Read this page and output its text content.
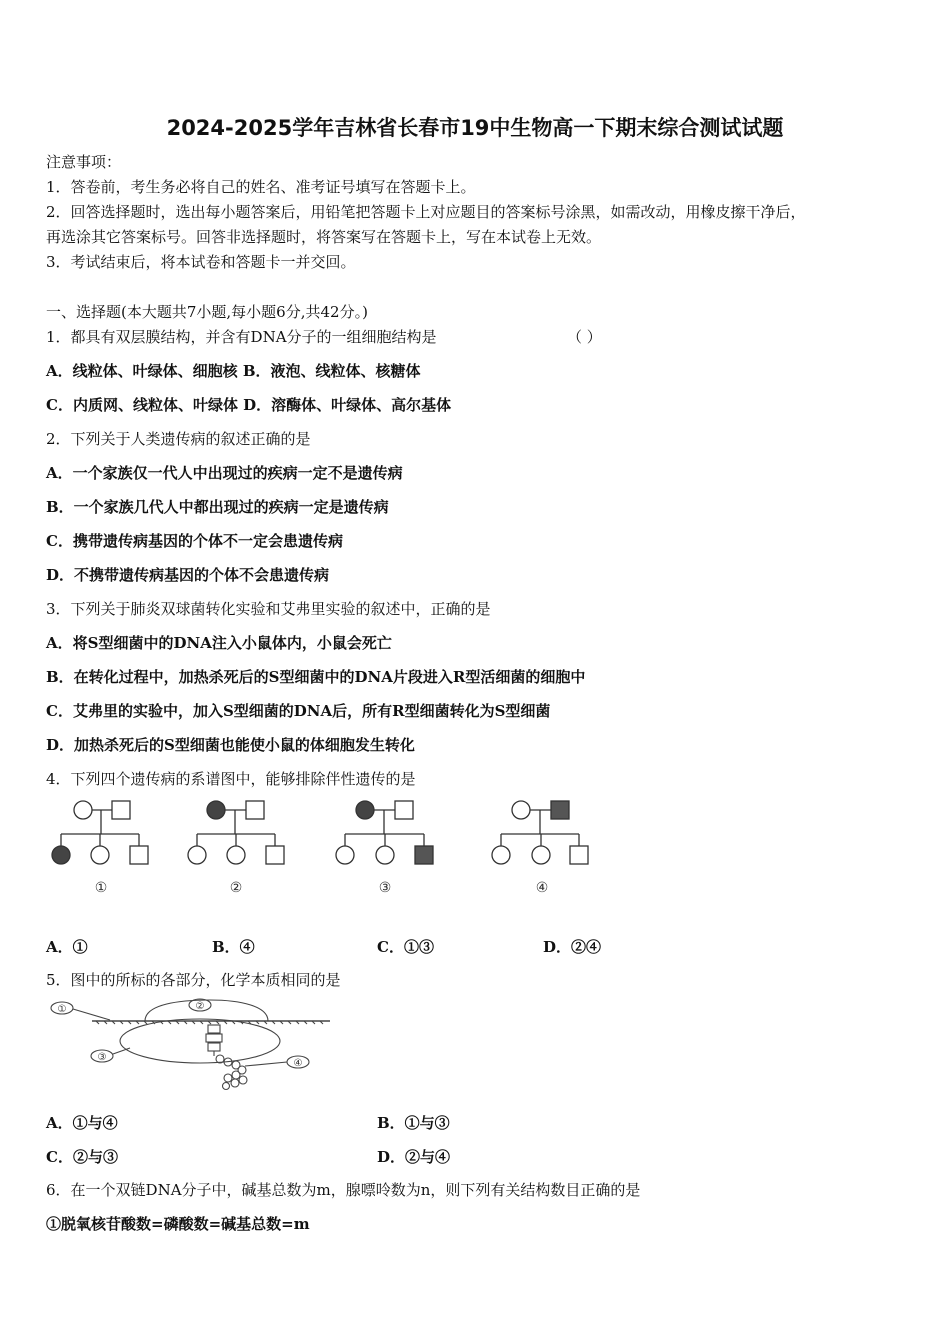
2024-2025学年吉林省长春市19中生物高一下期末综合测试试题
注意事项：
1．答卷前，考生务必将自己的姓名、准考证号填写在答题卡上。
2．回答选择题时，选出每小题答案后，用铅笔把答题卡上对应题目的答案标号涂黑，如需改动，用橡皮擦干净后，
再选涂其它答案标号。回答非选择题时，将答案写在答题卡上，写在本试卷上无效。
3．考试结束后，将本试卷和答题卡一并交回。
一、选择题(本大题共7小题,每小题6分,共42分。)
1．都具有双层膜结构，并含有DNA分子的一组细胞结构是	（ ）
A．线粒体、叶绿体、细胞核 B．液泡、线粒体、核糖体
C．内质网、线粒体、叶绿体 D．溶酶体、叶绿体、高尔基体
2．下列关于人类遗传病的叙述正确的是
A．一个家族仅一代人中出现过的疾病一定不是遗传病
B．一个家族几代人中都出现过的疾病一定是遗传病
C．携带遗传病基因的个体不一定会患遗传病
D．不携带遗传病基因的个体不会患遗传病
3．下列关于肺炎双球菌转化实验和艾弗里实验的叙述中，正确的是
A．将S型细菌中的DNA注入小鼠体内，小鼠会死亡
B．在转化过程中，加热杀死后的S型细菌中的DNA片段进入R型活细菌的细胞中
C．艾弗里的实验中，加入S型细菌的DNA后，所有R型细菌转化为S型细菌
D．加热杀死后的S型细菌也能使小鼠的体细胞发生转化
4．下列四个遗传病的系谱图中，能够排除伴性遗传的是
①	②	③	④
A．①	B．④	C．①③	D．②④
5．图中的所标的各部分，化学本质相同的是
①	②
③
④
A．①与④	B．①与③
C．②与③	D．②与④
6．在一个双链DNA分子中，碱基总数为m，腺嘌呤数为n，则下列有关结构数目正确的是
①脱氧核苷酸数=磷酸数=碱基总数=m
